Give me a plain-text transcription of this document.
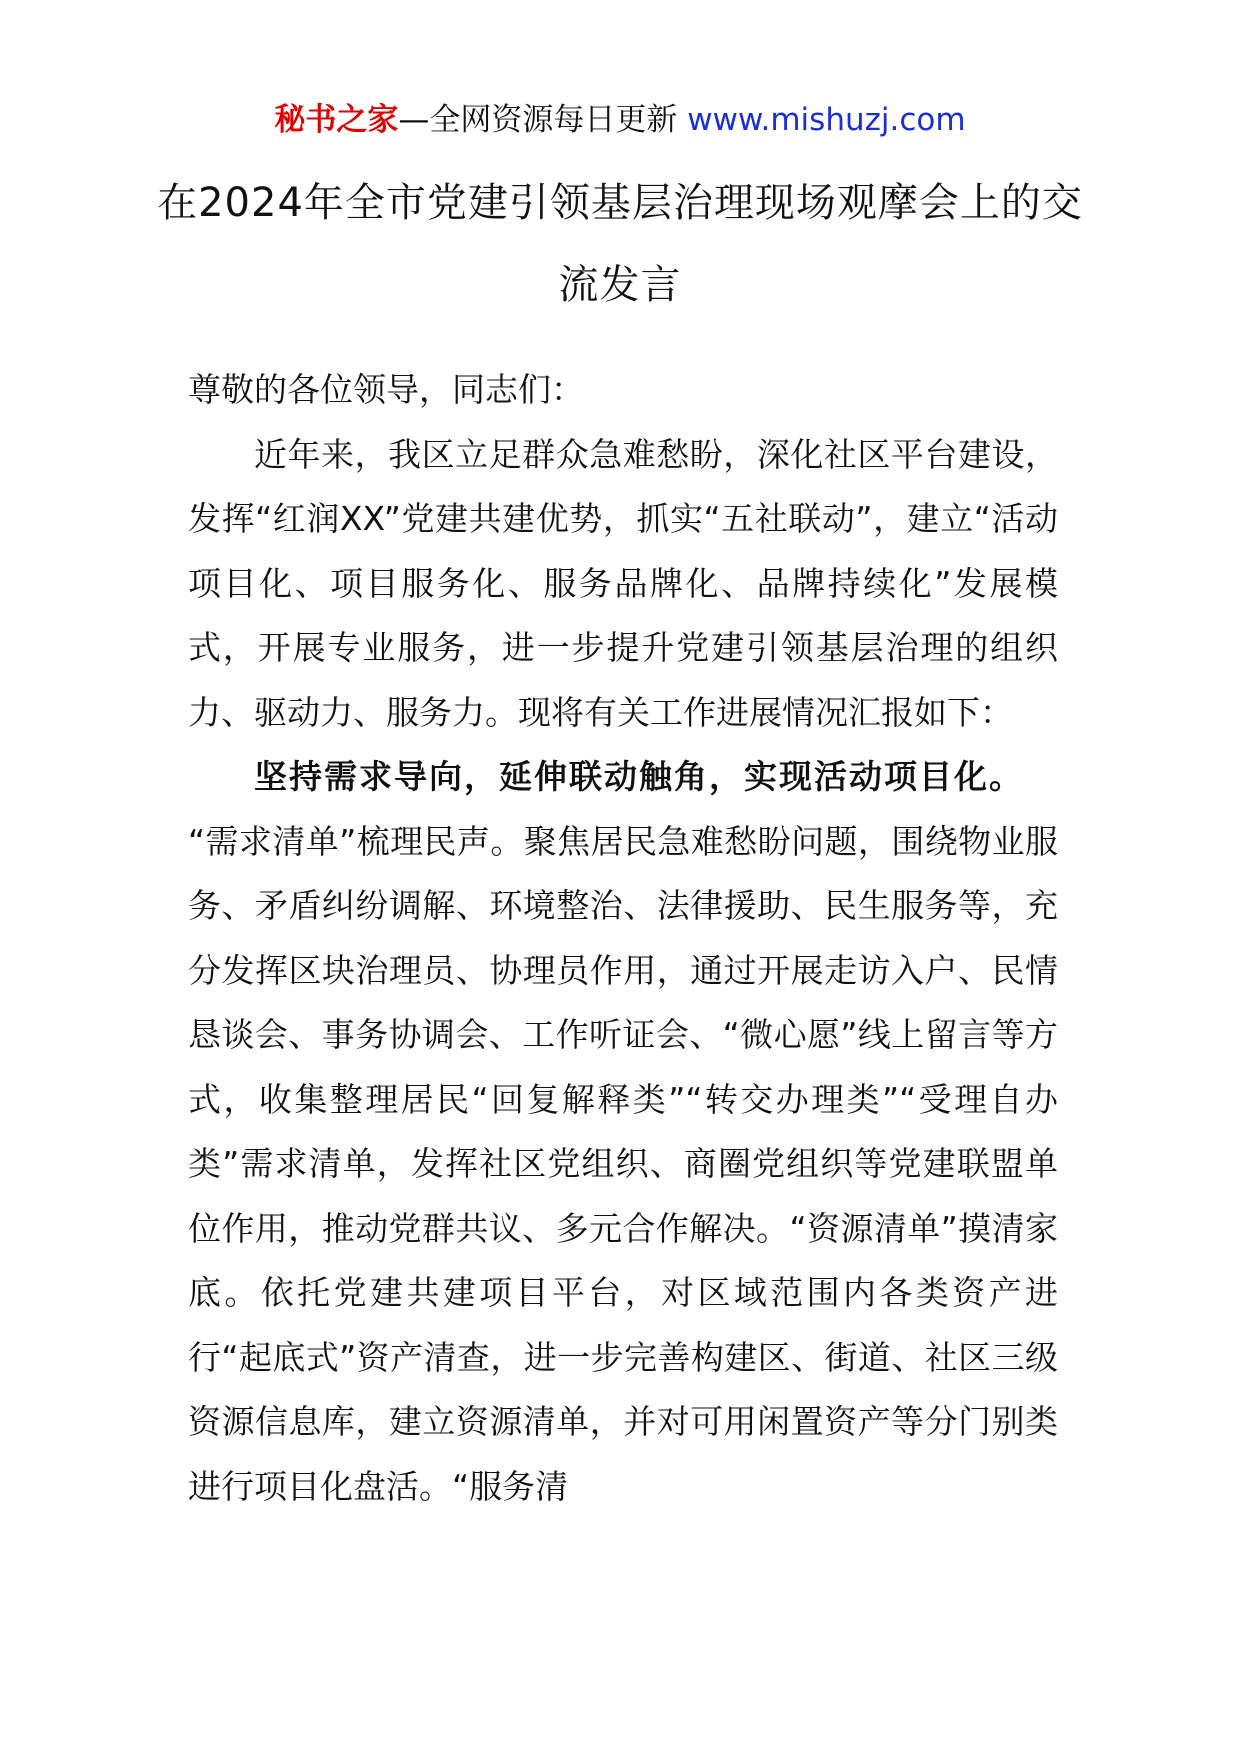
秘书之家—全网资源每日更新 www.mishuzj.com
在2024年全市党建引领基层治理现场观摩会上的交流发言

尊敬的各位领导，同志们：

近年来，我区立足群众急难愁盼，深化社区平台建设，发挥“红润XX”党建共建优势，抓实“五社联动”，建立“活动项目化、项目服务化、服务品牌化、品牌持续化”发展模式，开展专业服务，进一步提升党建引领基层治理的组织力、驱动力、服务力。现将有关工作进展情况汇报如下：

坚持需求导向，延伸联动触角，实现活动项目化。

“需求清单”梳理民声。聚焦居民急难愁盼问题，围绕物业服务、矛盾纠纷调解、环境整治、法律援助、民生服务等，充分发挥区块治理员、协理员作用，通过开展走访入户、民情恳谈会、事务协调会、工作听证会、“微心愿”线上留言等方式，收集整理居民“回复解释类”“转交办理类”“受理自办类”需求清单，发挥社区党组织、商圈党组织等党建联盟单位作用，推动党群共议、多元合作解决。“资源清单”摸清家底。依托党建共建项目平台，对区域范围内各类资产进行“起底式”资产清查，进一步完善构建区、街道、社区三级资源信息库，建立资源清单，并对可用闲置资产等分门别类进行项目化盘活。“服务清
